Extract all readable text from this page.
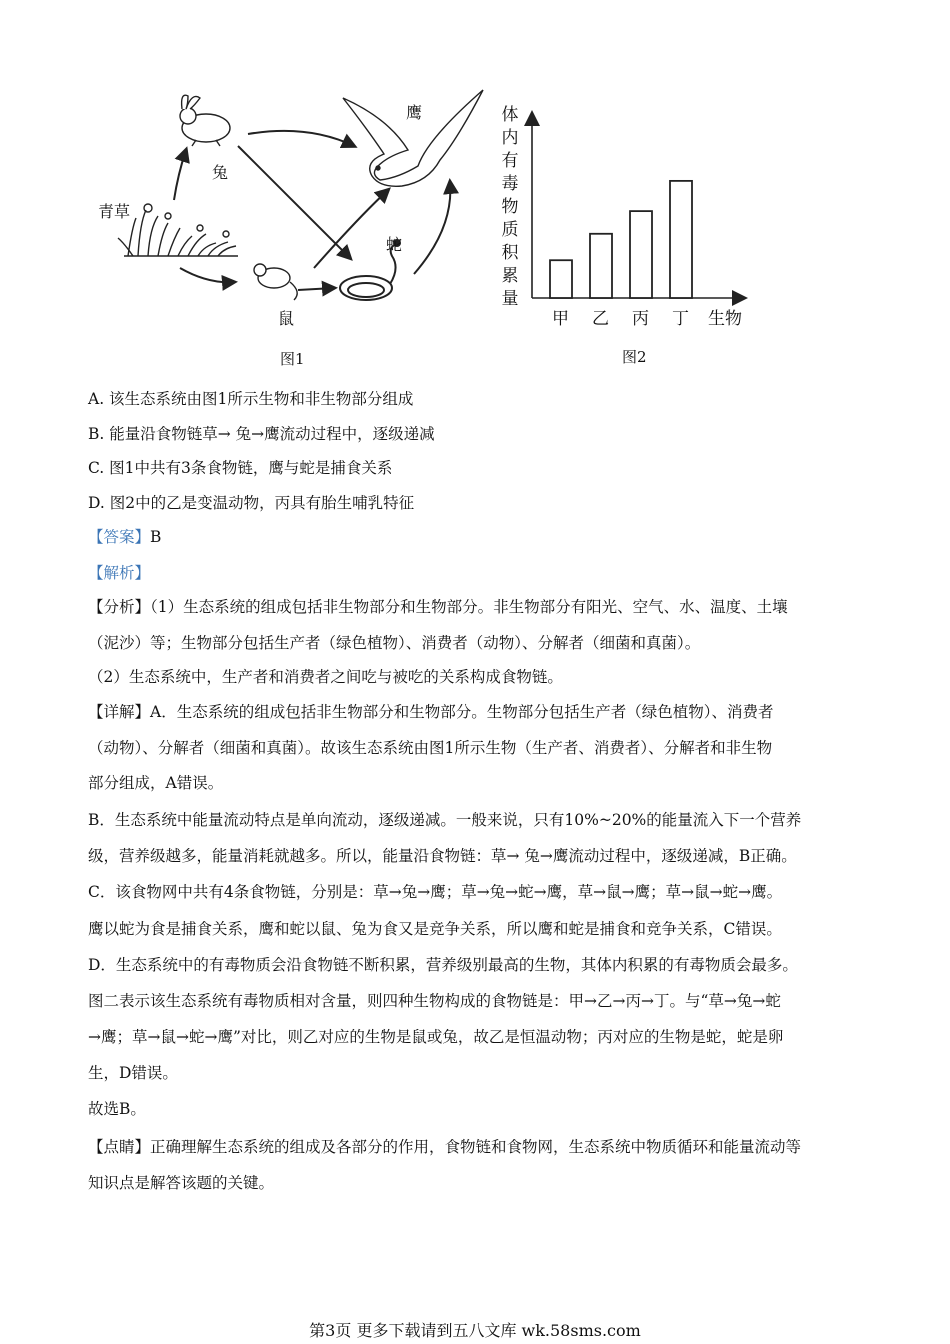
青草
兔
鼠
蛇
鹰
图1
体内有毒物质积累量
甲 乙 丙 丁 生物
图2
A. 该生态系统由图1所示生物和非生物部分组成
B. 能量沿食物链草→ 兔→鹰流动过程中，逐级递减
C. 图1中共有3条食物链，鹰与蛇是捕食关系
D. 图2中的乙是变温动物，丙具有胎生哺乳特征
【答案】B
【解析】
【分析】（1）生态系统的组成包括非生物部分和生物部分。非生物部分有阳光、空气、水、温度、土壤
（泥沙）等；生物部分包括生产者（绿色植物）、消费者（动物）、分解者（细菌和真菌）。
（2）生态系统中，生产者和消费者之间吃与被吃的关系构成食物链。
【详解】A．生态系统的组成包括非生物部分和生物部分。生物部分包括生产者（绿色植物）、消费者
（动物）、分解者（细菌和真菌）。故该生态系统由图1所示生物（生产者、消费者）、分解者和非生物
部分组成，A错误。
B．生态系统中能量流动特点是单向流动，逐级递减。一般来说，只有10%~20%的能量流入下一个营养
级，营养级越多，能量消耗就越多。所以，能量沿食物链：草→ 兔→鹰流动过程中，逐级递减，B正确。
C．该食物网中共有4条食物链，分别是：草→兔→鹰；草→兔→蛇→鹰，草→鼠→鹰；草→鼠→蛇→鹰。
鹰以蛇为食是捕食关系，鹰和蛇以鼠、兔为食又是竞争关系，所以鹰和蛇是捕食和竞争关系，C错误。
D．生态系统中的有毒物质会沿食物链不断积累，营养级别最高的生物，其体内积累的有毒物质会最多。
图二表示该生态系统有毒物质相对含量，则四种生物构成的食物链是：甲→乙→丙→丁。与“草→兔→蛇
→鹰；草→鼠→蛇→鹰”对比，则乙对应的生物是鼠或兔，故乙是恒温动物；丙对应的生物是蛇，蛇是卵
生，D错误。
故选B。
【点睛】正确理解生态系统的组成及各部分的作用，食物链和食物网，生态系统中物质循环和能量流动等
知识点是解答该题的关键。
第3页 更多下载请到五八文库 wk.58sms.com
